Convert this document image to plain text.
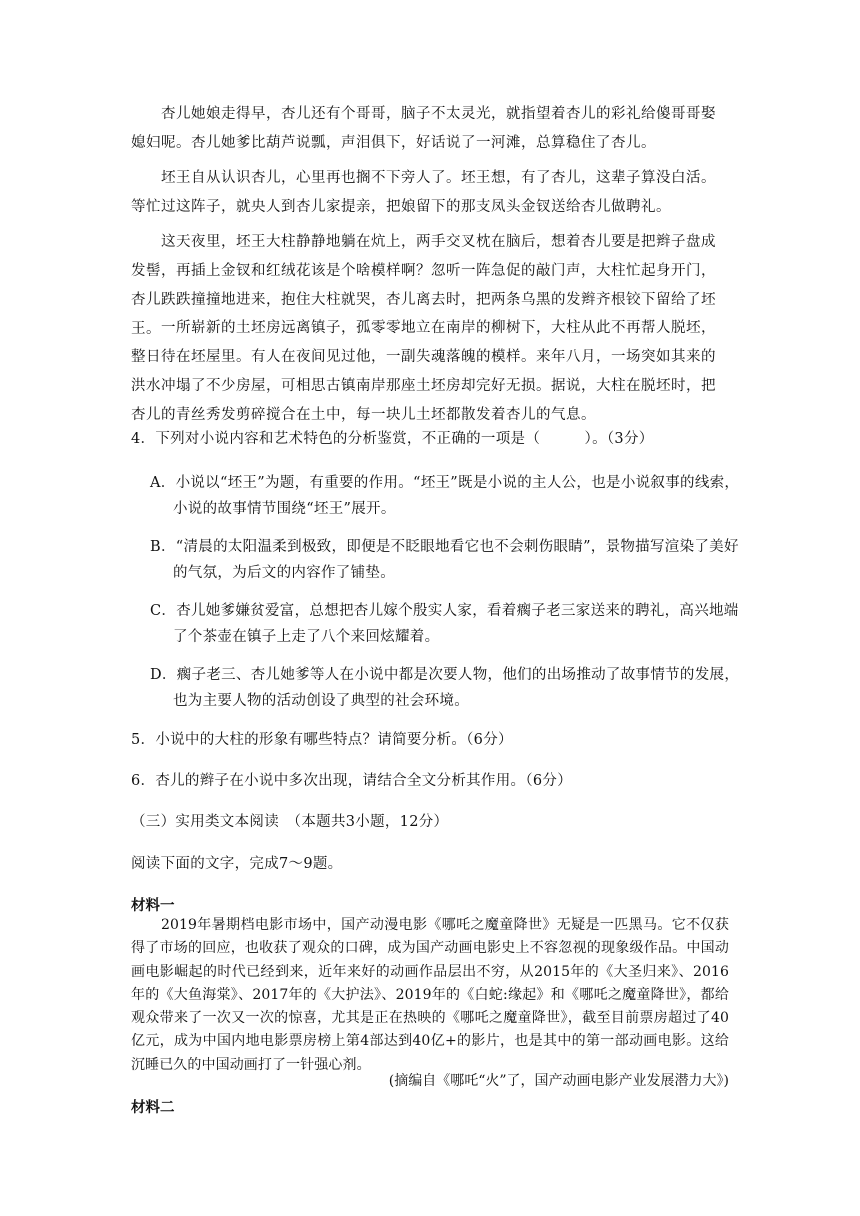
杏儿她娘走得早，杏儿还有个哥哥，脑子不太灵光，就指望着杏儿的彩礼给傻哥哥娶媳妇呢。杏儿她爹比葫芦说瓢，声泪俱下，好话说了一河滩，总算稳住了杏儿。
坯王自从认识杏儿，心里再也搁不下旁人了。坯王想，有了杏儿，这辈子算没白活。等忙过这阵子，就央人到杏儿家提亲，把娘留下的那支凤头金钗送给杏儿做聘礼。
这天夜里，坯王大柱静静地躺在炕上，两手交叉枕在脑后，想着杏儿要是把辫子盘成发髻，再插上金钗和红绒花该是个啥模样啊？忽听一阵急促的敲门声，大柱忙起身开门，杏儿跌跌撞撞地进来，抱住大柱就哭，杏儿离去时，把两条乌黑的发辫齐根铰下留给了坯王。 一所崭新的土坯房远离镇子，孤零零地立在南岸的柳树下，大柱从此不再帮人脱坯，整日待在坯屋里。有人在夜间见过他，一副失魂落魄的模样。来年八月，一场突如其来的洪水冲塌了不少房屋，可相思古镇南岸那座土坯房却完好无损。据说，大柱在脱坯时，把杏儿的青丝秀发剪碎搅合在土中，每一块儿土坯都散发着杏儿的气息。
4．下列对小说内容和艺术特色的分析鉴赏，不正确的一项是（　　　）。（3分）
A．小说以“坯王”为题，有重要的作用。“坯王”既是小说的主人公，也是小说叙事的线索，小说的故事情节围绕“坯王”展开。
B．“清晨的太阳温柔到极致，即便是不眨眼地看它也不会刺伤眼睛”，景物描写渲染了美好的气氛，为后文的内容作了铺垫。
C．杏儿她爹嫌贫爱富，总想把杏儿嫁个殷实人家，看着瘸子老三家送来的聘礼，高兴地端了个茶壶在镇子上走了八个来回炫耀着。
D．瘸子老三、杏儿她爹等人在小说中都是次要人物，他们的出场推动了故事情节的发展，也为主要人物的活动创设了典型的社会环境。
5．小说中的大柱的形象有哪些特点？请简要分析。（6分）
6．杏儿的辫子在小说中多次出现，请结合全文分析其作用。（6分）
（三）实用类文本阅读　（本题共3小题，12分）
阅读下面的文字，完成7～9题。
材料一
2019年暑期档电影市场中，国产动漫电影《哪吒之魔童降世》无疑是一匹黑马。它不仅获得了市场的回应，也收获了观众的口碑，成为国产动画电影史上不容忽视的现象级作品。中国动画电影崛起的时代已经到来，近年来好的动画作品层出不穷，从2015年的《大圣归来》、2016年的《大鱼海棠》、2017年的《大护法》、2019年的《白蛇:缘起》和《哪吒之魔童降世》，都给观众带来了一次又一次的惊喜，尤其是正在热映的《哪吒之魔童降世》，截至目前票房超过了40亿元，成为中国内地电影票房榜上第4部达到40亿+的影片，也是其中的第一部动画电影。这给沉睡已久的中国动画打了一针强心剂。
(摘编自《哪吒“火”了，国产动画电影产业发展潜力大》)
材料二
